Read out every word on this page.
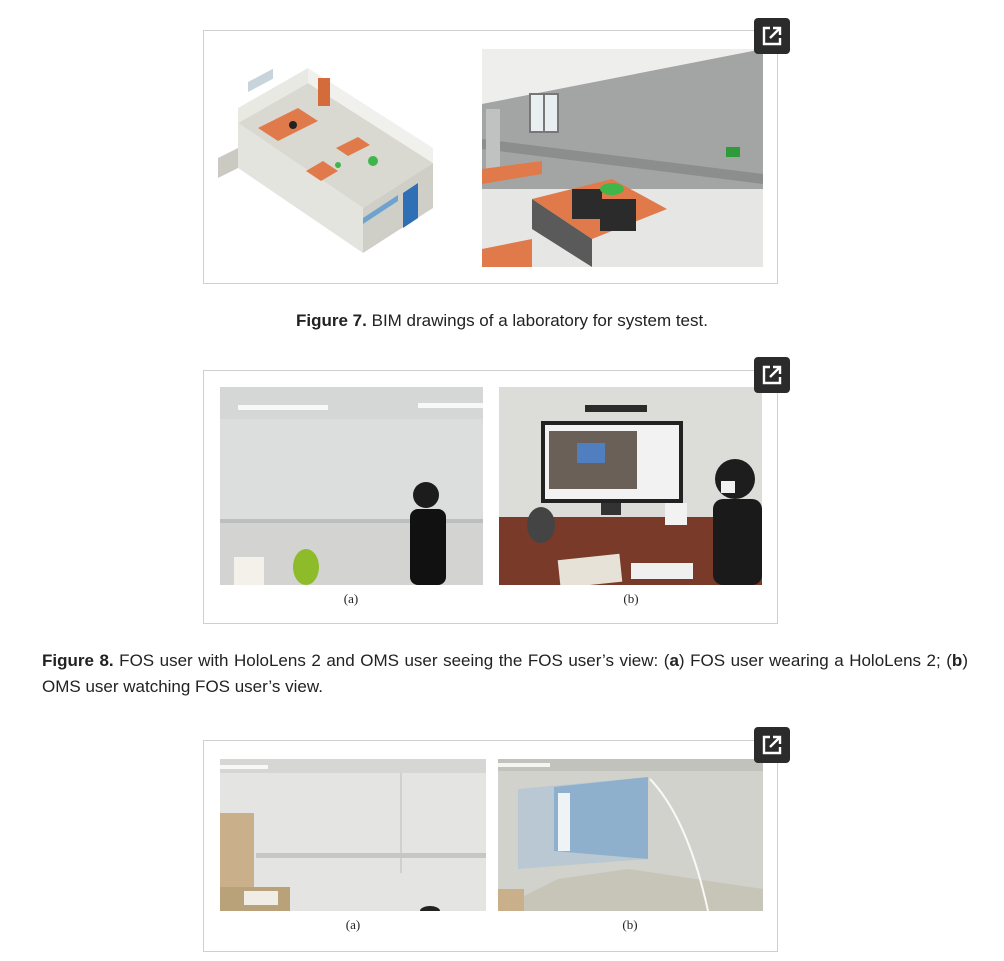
Figure 7. BIM drawings of a laboratory for system test.
(a)	(b)
Figure 8. FOS user with HoloLens 2 and OMS user seeing the FOS user’s view: (a) FOS user wearing a HoloLens 2; (b) OMS user watching FOS user’s view.
(a)	(b)
